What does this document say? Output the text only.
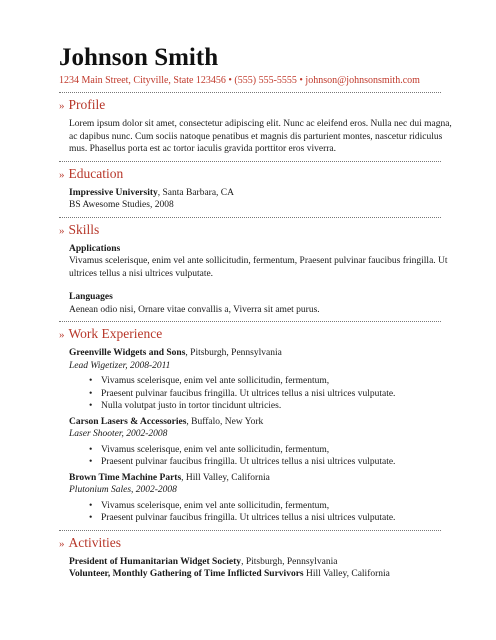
Johnson Smith
1234 Main Street, Cityville, State 123456 • (555) 555-5555 • johnson@johnsonsmith.com
» Profile

Lorem ipsum dolor sit amet, consectetur adipiscing elit. Nunc ac eleifend eros. Nulla nec dui magna, ac dapibus nunc. Cum sociis natoque penatibus et magnis dis parturient montes, nascetur ridiculus mus. Phasellus porta est ac tortor iaculis gravida porttitor eros viverra.

» Education
Impressive University, Santa Barbara, CA
BS Awesome Studies, 2008
» Skills
Applications
Vivamus scelerisque, enim vel ante sollicitudin, fermentum, Praesent pulvinar faucibus fringilla. Ut ultrices tellus a nisi ultrices vulputate.
Languages
Aenean odio nisi, Ornare vitae convallis a, Viverra sit amet purus.
» Work Experience
Greenville Widgets and Sons, Pitsburgh, Pennsylvania
Lead Wigetizer, 2008-2011
• Vivamus scelerisque, enim vel ante sollicitudin, fermentum,
• Praesent pulvinar faucibus fringilla. Ut ultrices tellus a nisi ultrices vulputate.
• Nulla volutpat justo in tortor tincidunt ultricies.
Carson Lasers & Accessories, Buffalo, New York
Laser Shooter, 2002-2008
• Vivamus scelerisque, enim vel ante sollicitudin, fermentum,
• Praesent pulvinar faucibus fringilla. Ut ultrices tellus a nisi ultrices vulputate.
Brown Time Machine Parts, Hill Valley, California
Plutonium Sales, 2002-2008
• Vivamus scelerisque, enim vel ante sollicitudin, fermentum,
• Praesent pulvinar faucibus fringilla. Ut ultrices tellus a nisi ultrices vulputate.
» Activities
President of Humanitarian Widget Society, Pitsburgh, Pennsylvania
Volunteer, Monthly Gathering of Time Inflicted Survivors Hill Valley, California
